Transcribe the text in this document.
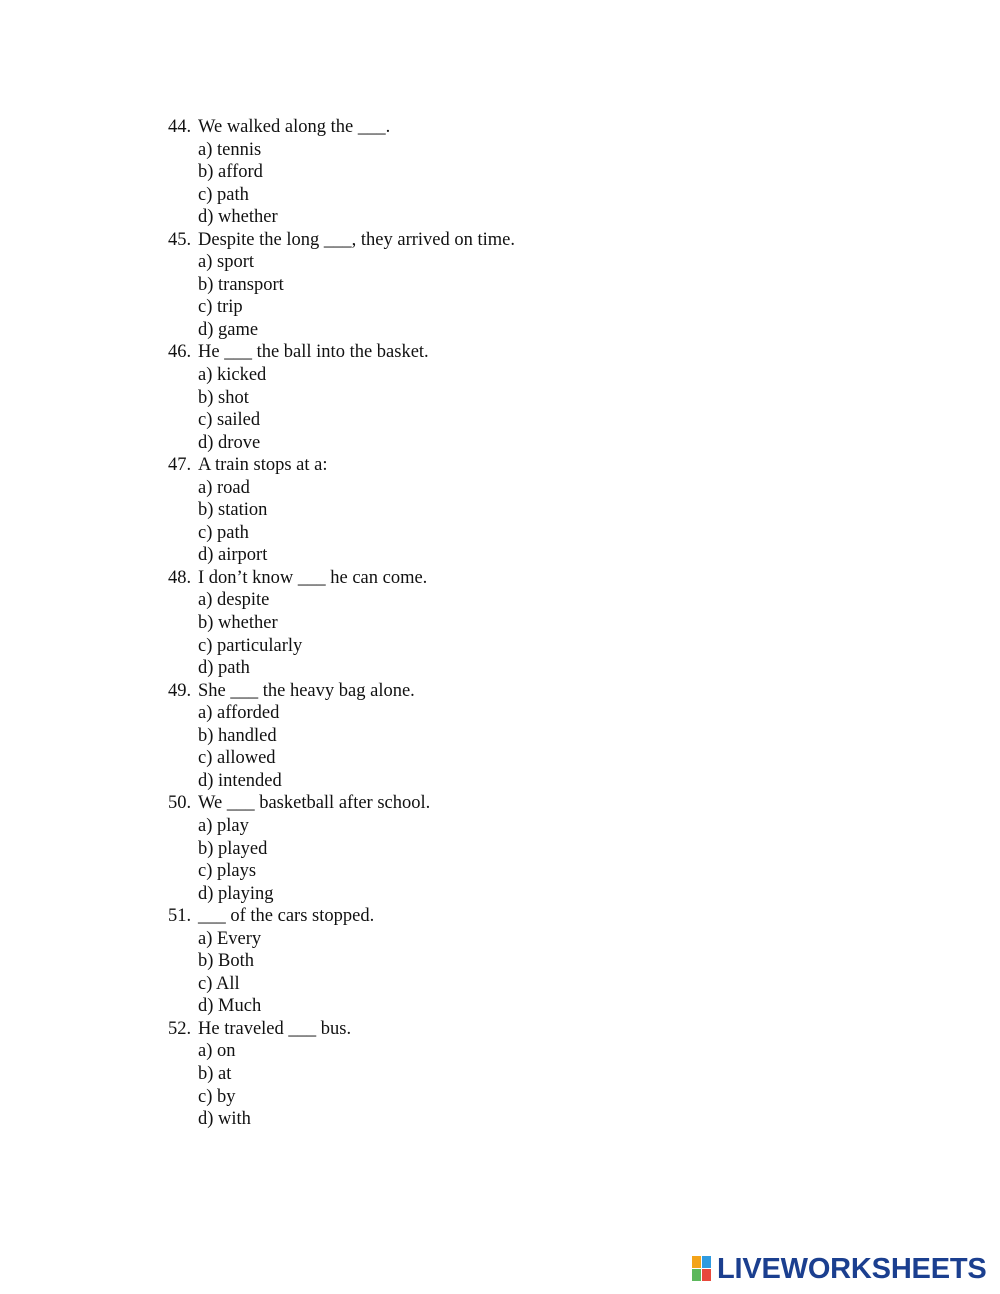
44. We walked along the ___.
a) tennis
b) afford
c) path
d) whether
45. Despite the long ___, they arrived on time.
a) sport
b) transport
c) trip
d) game
46. He ___ the ball into the basket.
a) kicked
b) shot
c) sailed
d) drove
47. A train stops at a:
a) road
b) station
c) path
d) airport
48. I don’t know ___ he can come.
a) despite
b) whether
c) particularly
d) path
49. She ___ the heavy bag alone.
a) afforded
b) handled
c) allowed
d) intended
50. We ___ basketball after school.
a) play
b) played
c) plays
d) playing
51. ___ of the cars stopped.
a) Every
b) Both
c) All
d) Much
52. He traveled ___ bus.
a) on
b) at
c) by
d) with
LIVEWORKSHEETS
